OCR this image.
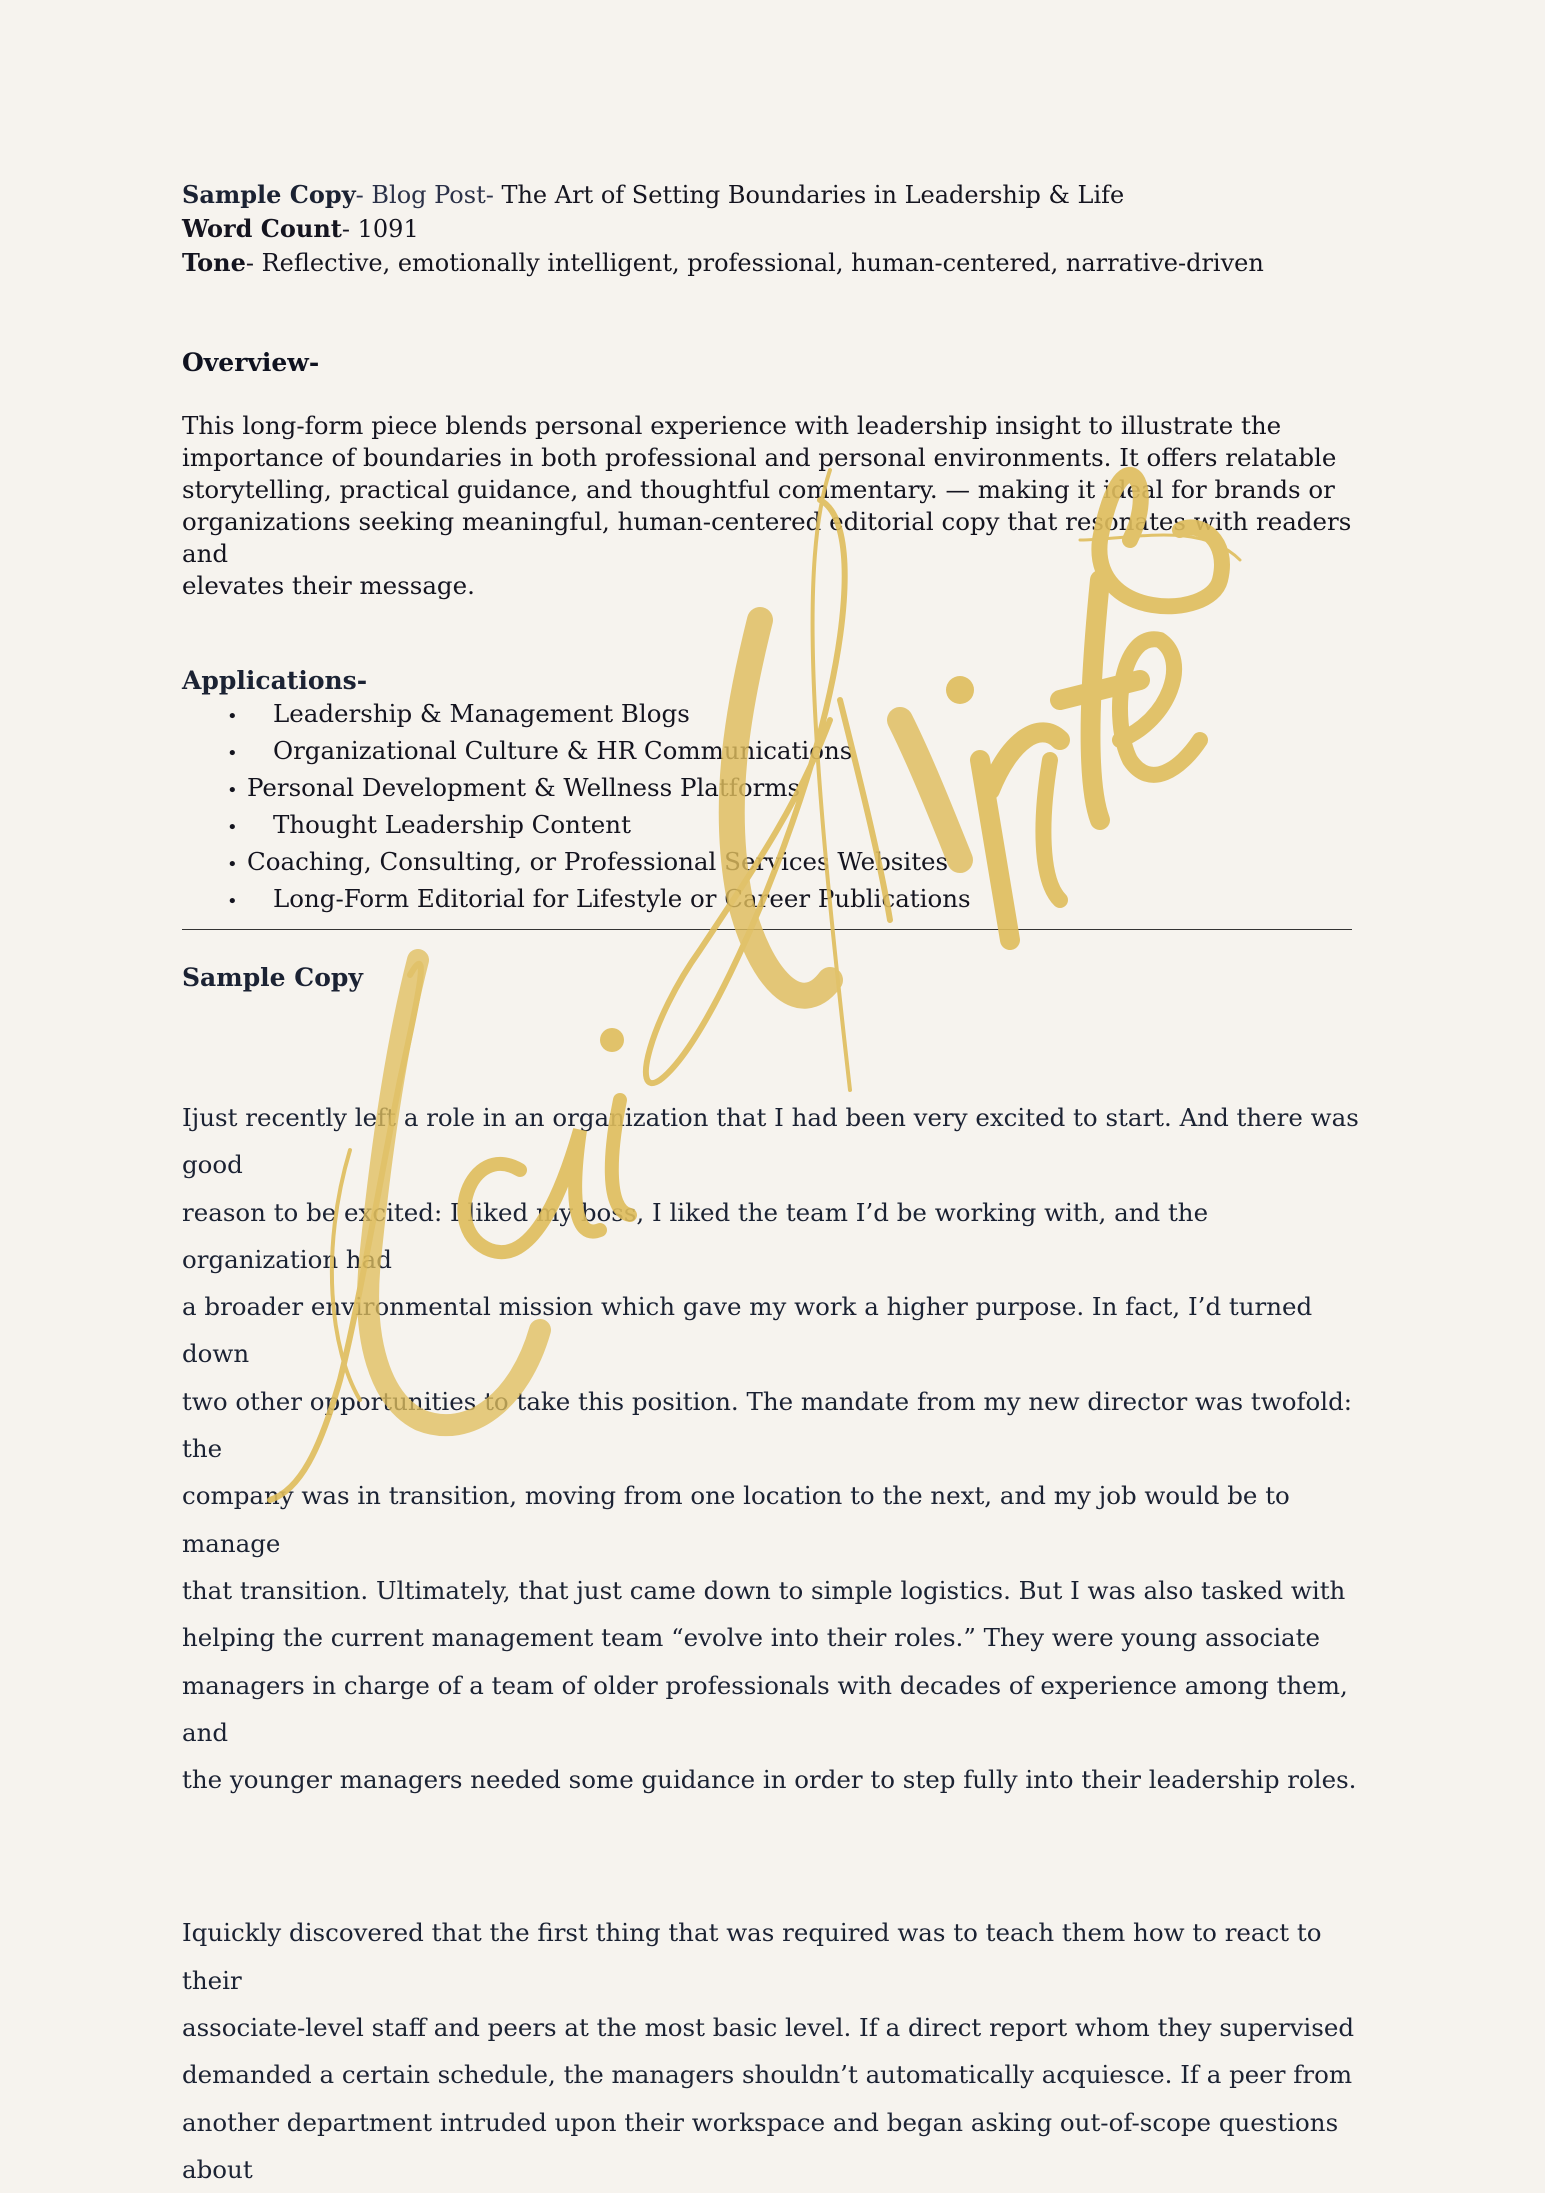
Sample Copy- Blog Post- The Art of Setting Boundaries in Leadership & Life
Word Count- 1091
Tone- Reflective, emotionally intelligent, professional, human-centered, narrative-driven
Overview-
This long-form piece blends personal experience with leadership insight to illustrate the
importance of boundaries in both professional and personal environments. It offers relatable
storytelling, practical guidance, and thoughtful commentary. — making it ideal for brands or
organizations seeking meaningful, human-centered editorial copy that resonates with readers and
elevates their message.
Applications-
• Leadership & Management Blogs
• Organizational Culture & HR Communications
• Personal Development & Wellness Platforms
• Thought Leadership Content
• Coaching, Consulting, or Professional Services Websites
• Long-Form Editorial for Lifestyle or Career Publications
Sample Copy
Ijust recently left a role in an organization that I had been very excited to start. And there was good
reason to be excited: I liked my boss, I liked the team I’d be working with, and the organization had
a broader environmental mission which gave my work a higher purpose. In fact, I’d turned down
two other opportunities to take this position. The mandate from my new director was twofold: the
company was in transition, moving from one location to the next, and my job would be to manage
that transition. Ultimately, that just came down to simple logistics. But I was also tasked with
helping the current management team “evolve into their roles.” They were young associate
managers in charge of a team of older professionals with decades of experience among them, and
the younger managers needed some guidance in order to step fully into their leadership roles.
Iquickly discovered that the first thing that was required was to teach them how to react to their
associate-level staff and peers at the most basic level. If a direct report whom they supervised
demanded a certain schedule, the managers shouldn’t automatically acquiesce. If a peer from
another department intruded upon their workspace and began asking out-of-scope questions about
